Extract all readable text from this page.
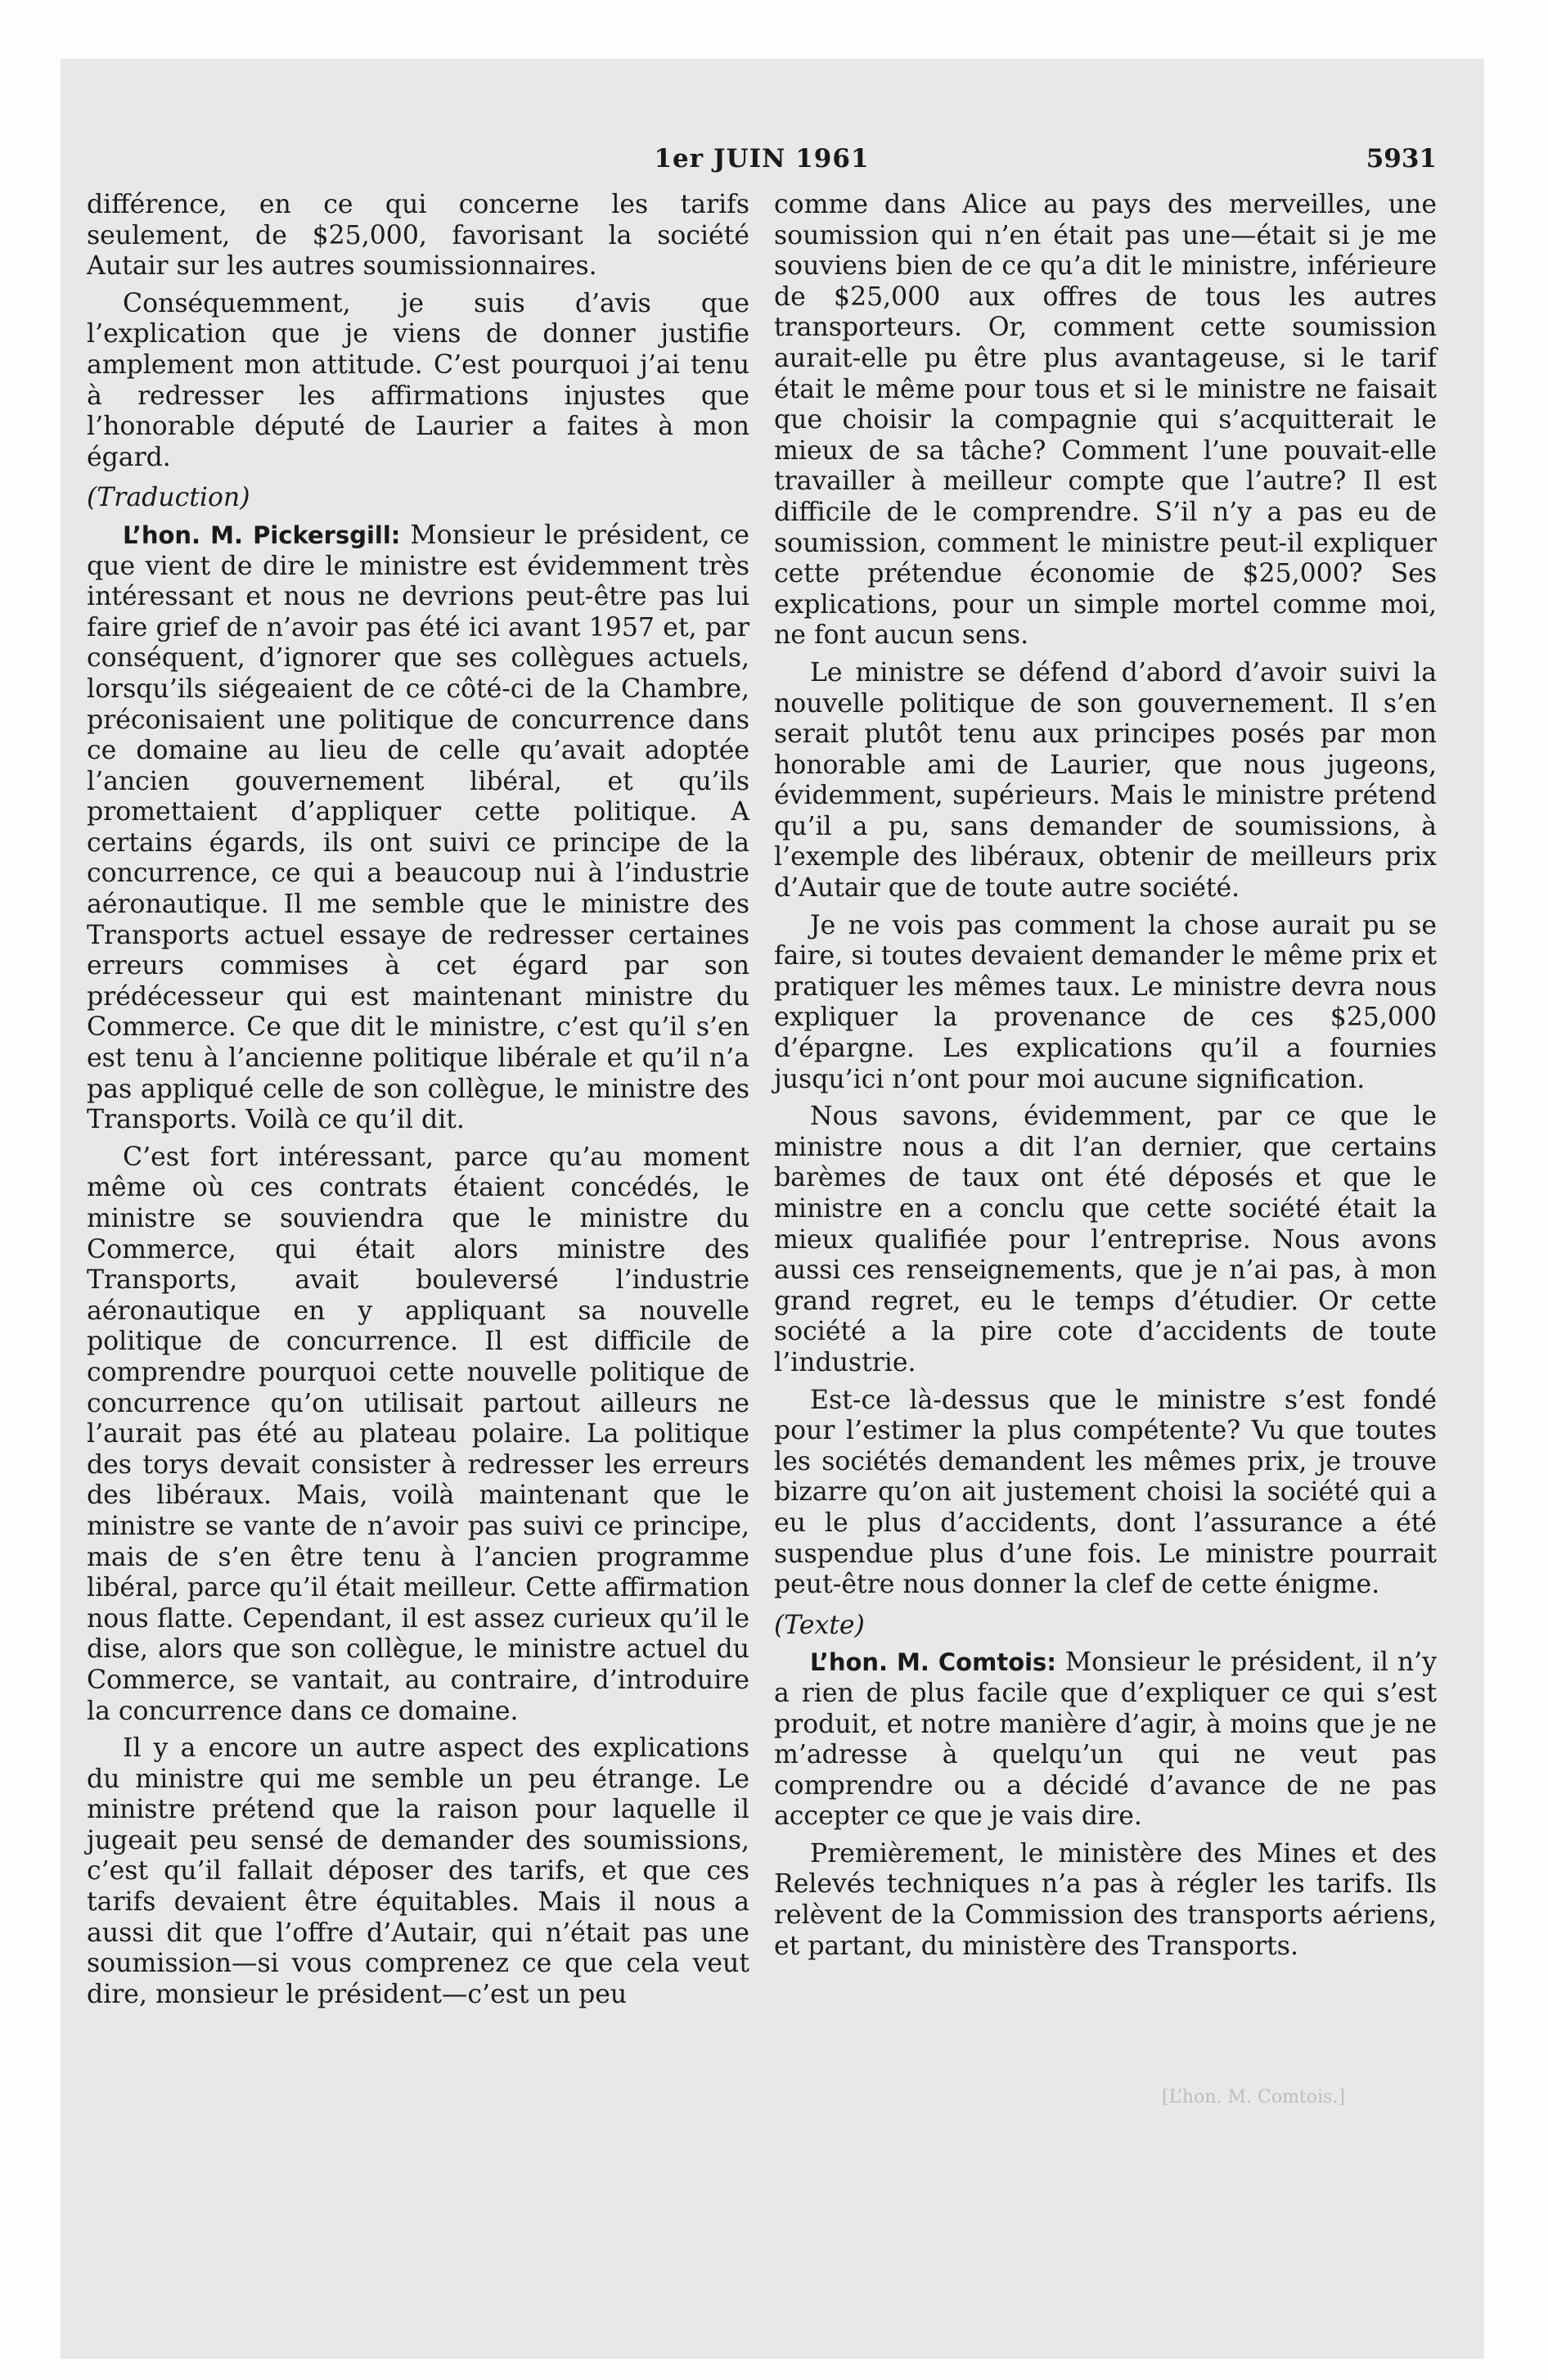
1er JUIN 1961	5931

différence, en ce qui concerne les tarifs seulement, de $25,000, favorisant la société Autair sur les autres soumissionnaires.

Conséquemment, je suis d’avis que l’explication que je viens de donner justifie amplement mon attitude. C’est pourquoi j’ai tenu à redresser les affirmations injustes que l’honorable député de Laurier a faites à mon égard.

(Traduction)

L’hon. M. Pickersgill: Monsieur le président, ce que vient de dire le ministre est évidemment très intéressant et nous ne devrions peut-être pas lui faire grief de n’avoir pas été ici avant 1957 et, par conséquent, d’ignorer que ses collègues actuels, lorsqu’ils siégeaient de ce côté-ci de la Chambre, préconisaient une politique de concurrence dans ce domaine au lieu de celle qu’avait adoptée l’ancien gouvernement libéral, et qu’ils promettaient d’appliquer cette politique. A certains égards, ils ont suivi ce principe de la concurrence, ce qui a beaucoup nui à l’industrie aéronautique. Il me semble que le ministre des Transports actuel essaye de redresser certaines erreurs commises à cet égard par son prédécesseur qui est maintenant ministre du Commerce. Ce que dit le ministre, c’est qu’il s’en est tenu à l’ancienne politique libérale et qu’il n’a pas appliqué celle de son collègue, le ministre des Transports. Voilà ce qu’il dit.

C’est fort intéressant, parce qu’au moment même où ces contrats étaient concédés, le ministre se souviendra que le ministre du Commerce, qui était alors ministre des Transports, avait bouleversé l’industrie aéronautique en y appliquant sa nouvelle politique de concurrence. Il est difficile de comprendre pourquoi cette nouvelle politique de concurrence qu’on utilisait partout ailleurs ne l’aurait pas été au plateau polaire. La politique des torys devait consister à redresser les erreurs des libéraux. Mais, voilà maintenant que le ministre se vante de n’avoir pas suivi ce principe, mais de s’en être tenu à l’ancien programme libéral, parce qu’il était meilleur. Cette affirmation nous flatte. Cependant, il est assez curieux qu’il le dise, alors que son collègue, le ministre actuel du Commerce, se vantait, au contraire, d’introduire la concurrence dans ce domaine.

Il y a encore un autre aspect des explications du ministre qui me semble un peu étrange. Le ministre prétend que la raison pour laquelle il jugeait peu sensé de demander des soumissions, c’est qu’il fallait déposer des tarifs, et que ces tarifs devaient être équitables. Mais il nous a aussi dit que l’offre d’Autair, qui n’était pas une soumission—si vous comprenez ce que cela veut dire, monsieur le président—c’est un peu

comme dans Alice au pays des merveilles, une soumission qui n’en était pas une—était si je me souviens bien de ce qu’a dit le ministre, inférieure de $25,000 aux offres de tous les autres transporteurs. Or, comment cette soumission aurait-elle pu être plus avantageuse, si le tarif était le même pour tous et si le ministre ne faisait que choisir la compagnie qui s’acquitterait le mieux de sa tâche? Comment l’une pouvait-elle travailler à meilleur compte que l’autre? Il est difficile de le comprendre. S’il n’y a pas eu de soumission, comment le ministre peut-il expliquer cette prétendue économie de $25,000? Ses explications, pour un simple mortel comme moi, ne font aucun sens.

Le ministre se défend d’abord d’avoir suivi la nouvelle politique de son gouvernement. Il s’en serait plutôt tenu aux principes posés par mon honorable ami de Laurier, que nous jugeons, évidemment, supérieurs. Mais le ministre prétend qu’il a pu, sans demander de soumissions, à l’exemple des libéraux, obtenir de meilleurs prix d’Autair que de toute autre société.

Je ne vois pas comment la chose aurait pu se faire, si toutes devaient demander le même prix et pratiquer les mêmes taux. Le ministre devra nous expliquer la provenance de ces $25,000 d’épargne. Les explications qu’il a fournies jusqu’ici n’ont pour moi aucune signification.

Nous savons, évidemment, par ce que le ministre nous a dit l’an dernier, que certains barèmes de taux ont été déposés et que le ministre en a conclu que cette société était la mieux qualifiée pour l’entreprise. Nous avons aussi ces renseignements, que je n’ai pas, à mon grand regret, eu le temps d’étudier. Or cette société a la pire cote d’accidents de toute l’industrie.

Est-ce là-dessus que le ministre s’est fondé pour l’estimer la plus compétente? Vu que toutes les sociétés demandent les mêmes prix, je trouve bizarre qu’on ait justement choisi la société qui a eu le plus d’accidents, dont l’assurance a été suspendue plus d’une fois. Le ministre pourrait peut-être nous donner la clef de cette énigme.

(Texte)

L’hon. M. Comtois: Monsieur le président, il n’y a rien de plus facile que d’expliquer ce qui s’est produit, et notre manière d’agir, à moins que je ne m’adresse à quelqu’un qui ne veut pas comprendre ou a décidé d’avance de ne pas accepter ce que je vais dire.

Premièrement, le ministère des Mines et des Relevés techniques n’a pas à régler les tarifs. Ils relèvent de la Commission des transports aériens, et partant, du ministère des Transports.

[L’hon. M. Comtois.]
